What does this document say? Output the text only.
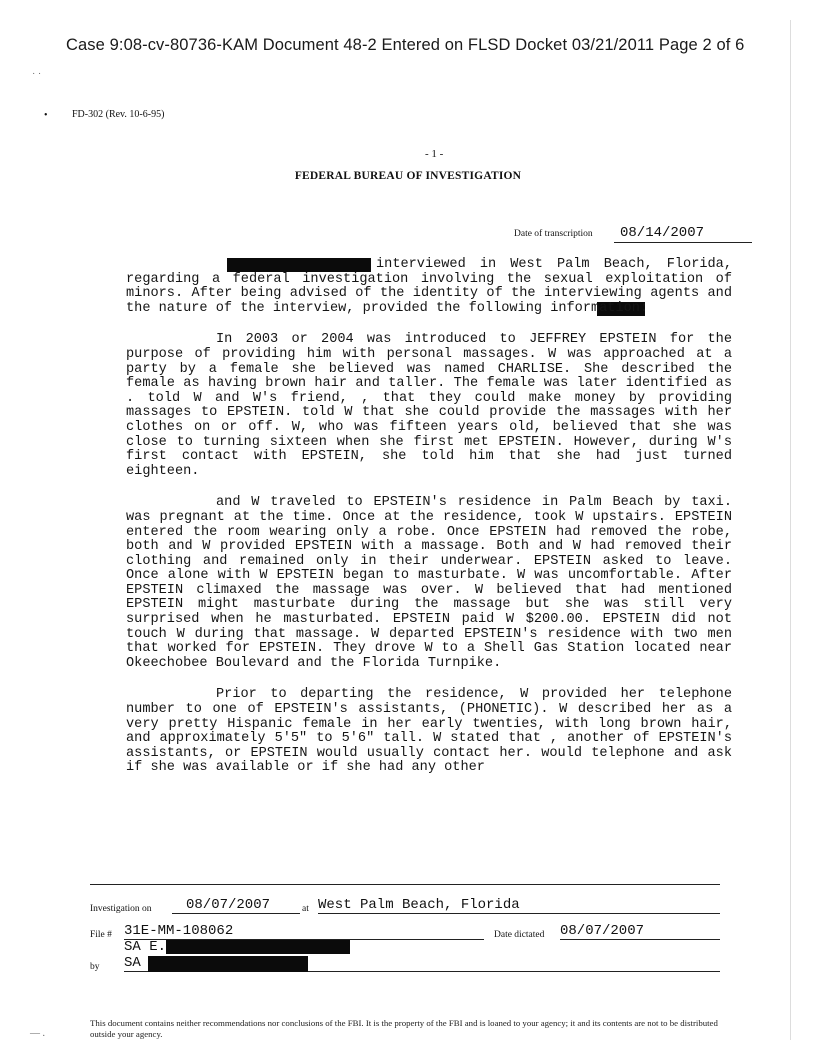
Case 9:08-cv-80736-KAM Document 48-2 Entered on FLSD Docket 03/21/2011 Page 2 of 6
˙ ˙
• FD-302 (Rev. 10-6-95)
- 1 -
FEDERAL BUREAU OF INVESTIGATION
Date of transcription	08/14/2007

interviewed in West Palm Beach, Florida, regarding a federal investigation involving the sexual exploitation of minors. After being advised of the identity of the interviewing agents and the nature of the interview, provided the following information:

In 2003 or 2004 was introduced to JEFFREY EPSTEIN for the purpose of providing him with personal massages. W was approached at a party by a female she believed was named CHARLISE. She described the female as having brown hair and taller. The female was later identified as . told W and W's friend, , that they could make money by providing massages to EPSTEIN. told W that she could provide the massages with her clothes on or off. W, who was fifteen years old, believed that she was close to turning sixteen when she first met EPSTEIN. However, during W's first contact with EPSTEIN, she told him that she had just turned eighteen.

and W traveled to EPSTEIN's residence in Palm Beach by taxi. was pregnant at the time. Once at the residence, took W upstairs. EPSTEIN entered the room wearing only a robe. Once EPSTEIN had removed the robe, both and W provided EPSTEIN with a massage. Both and W had removed their clothing and remained only in their underwear. EPSTEIN asked to leave. Once alone with W EPSTEIN began to masturbate. W was uncomfortable. After EPSTEIN climaxed the massage was over. W believed that had mentioned EPSTEIN might masturbate during the massage but she was still very surprised when he masturbated. EPSTEIN paid W $200.00. EPSTEIN did not touch W during that massage. W departed EPSTEIN's residence with two men that worked for EPSTEIN. They drove W to a Shell Gas Station located near Okeechobee Boulevard and the Florida Turnpike.

Prior to departing the residence, W provided her telephone number to one of EPSTEIN's assistants, (PHONETIC). W described her as a very pretty Hispanic female in her early twenties, with long brown hair, and approximately 5'5" to 5'6" tall. W stated that , another of EPSTEIN's assistants, or EPSTEIN would usually contact her. would telephone and ask if she was available or if she had any other

Investigation on	08/07/2007	at West Palm Beach, Florida
File # 31E-MM-108062	Date dictated 08/07/2007
SA E.
by SA
This document contains neither recommendations nor conclusions of the FBI. It is the property of the FBI and is loaned to your agency; it and its contents are not to be distributed outside your agency.
— .
